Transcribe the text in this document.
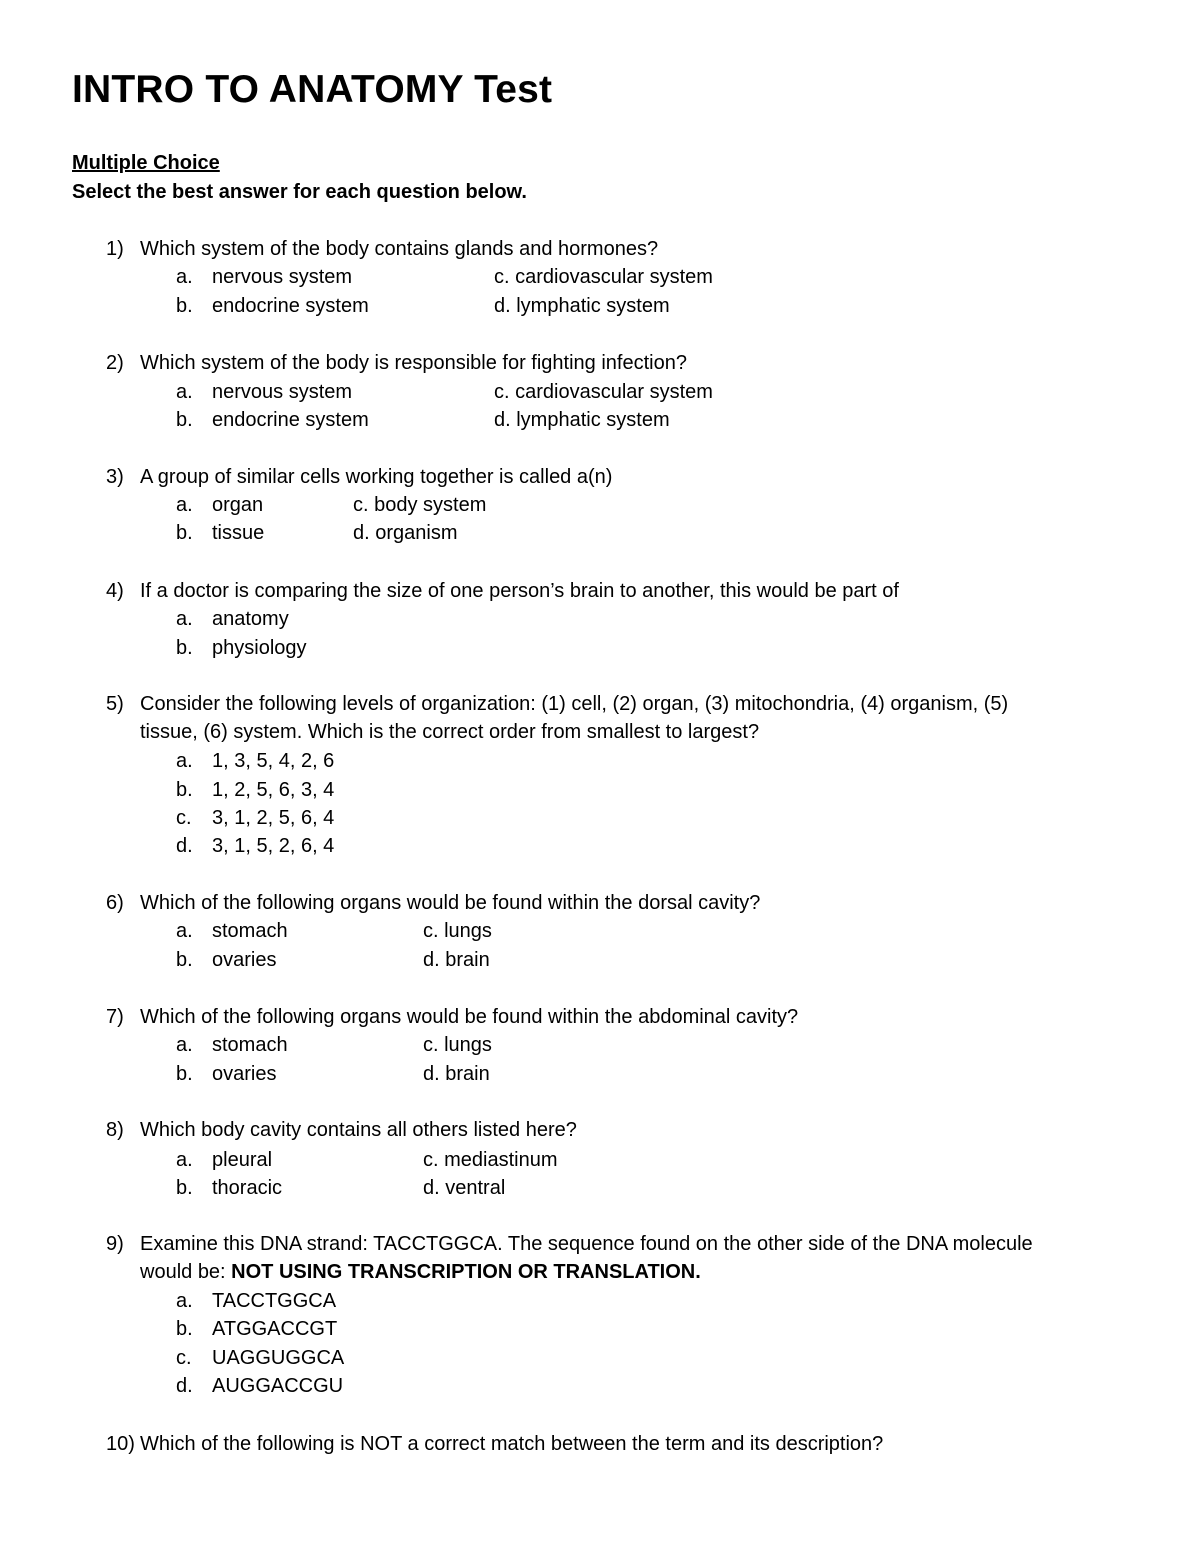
INTRO TO ANATOMY Test
Multiple Choice
Select the best answer for each question below.
1) Which system of the body contains glands and hormones?
a. nervous system	c. cardiovascular system
b. endocrine system	d. lymphatic system
2) Which system of the body is responsible for fighting infection?
a. nervous system	c. cardiovascular system
b. endocrine system	d. lymphatic system
3) A group of similar cells working together is called a(n)
a. organ	c. body system
b. tissue	d. organism
4) If a doctor is comparing the size of one person’s brain to another, this would be part of
a. anatomy
b. physiology
5) Consider the following levels of organization: (1) cell, (2) organ, (3) mitochondria, (4) organism, (5)
tissue, (6) system. Which is the correct order from smallest to largest?
a. 1, 3, 5, 4, 2, 6
b. 1, 2, 5, 6, 3, 4
c. 3, 1, 2, 5, 6, 4
d. 3, 1, 5, 2, 6, 4
6) Which of the following organs would be found within the dorsal cavity?
a. stomach	c. lungs
b. ovaries	d. brain
7) Which of the following organs would be found within the abdominal cavity?
a. stomach	c. lungs
b. ovaries	d. brain
8) Which body cavity contains all others listed here?
a. pleural	c. mediastinum
b. thoracic	d. ventral
9) Examine this DNA strand: TACCTGGCA. The sequence found on the other side of the DNA molecule
would be: NOT USING TRANSCRIPTION OR TRANSLATION.
a. TACCTGGCA
b. ATGGACCGT
c. UAGGUGGCA
d. AUGGACCGU
10) Which of the following is NOT a correct match between the term and its description?
